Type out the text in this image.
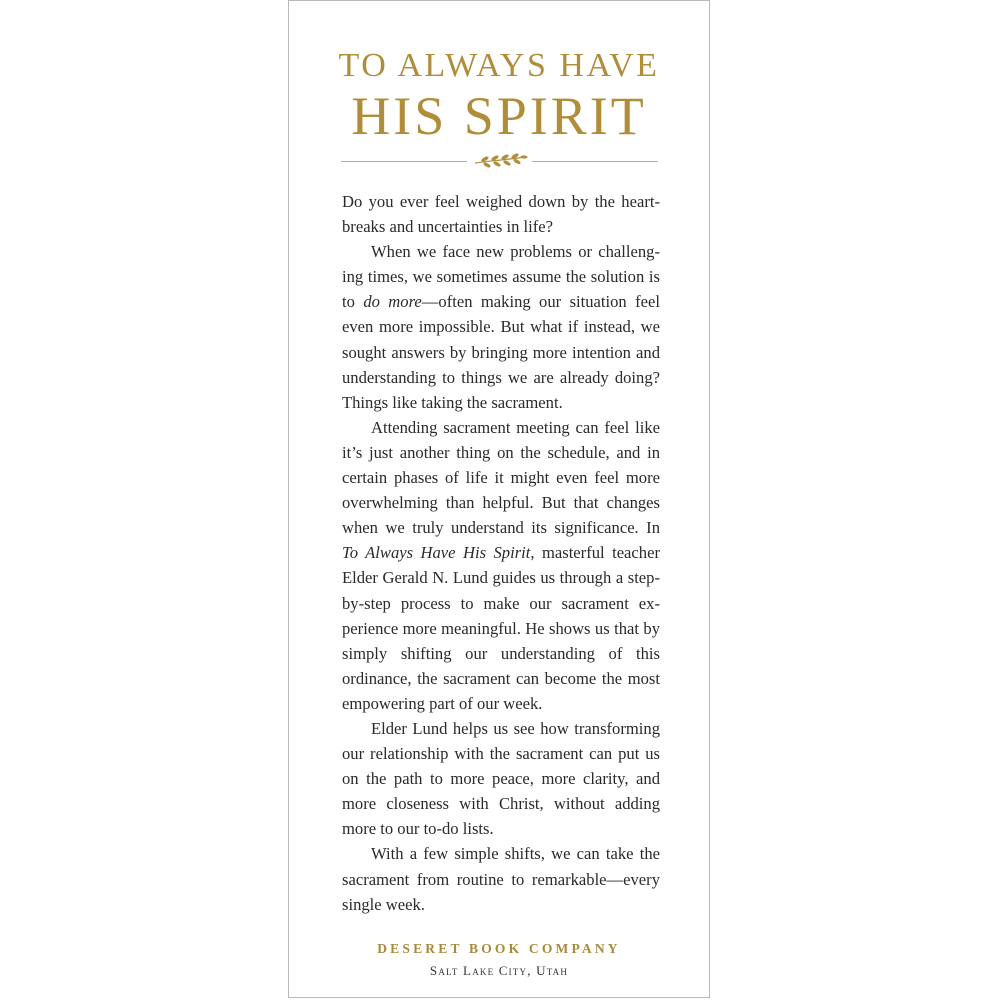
TO ALWAYS HAVE
HIS SPIRIT

Do you ever feel weighed down by the heart-breaks and uncertainties in life?

When we face new problems or challeng-ing times, we sometimes assume the solution is to do more—often making our situation feel even more impossible. But what if instead, we sought answers by bringing more intention and understanding to things we are already doing? Things like taking the sacrament.

Attending sacrament meeting can feel like it’s just another thing on the schedule, and in certain phases of life it might even feel more overwhelming than helpful. But that changes when we truly understand its significance. In To Always Have His Spirit, masterful teacher Elder Gerald N. Lund guides us through a step-by-step process to make our sacrament ex-perience more meaningful. He shows us that by simply shifting our understanding of this ordinance, the sacrament can become the most empowering part of our week.

Elder Lund helps us see how transforming our relationship with the sacrament can put us on the path to more peace, more clarity, and more closeness with Christ, without adding more to our to-do lists.

With a few simple shifts, we can take the sacrament from routine to remarkable—every single week.

DESERET BOOK COMPANY
Salt Lake City, Utah
